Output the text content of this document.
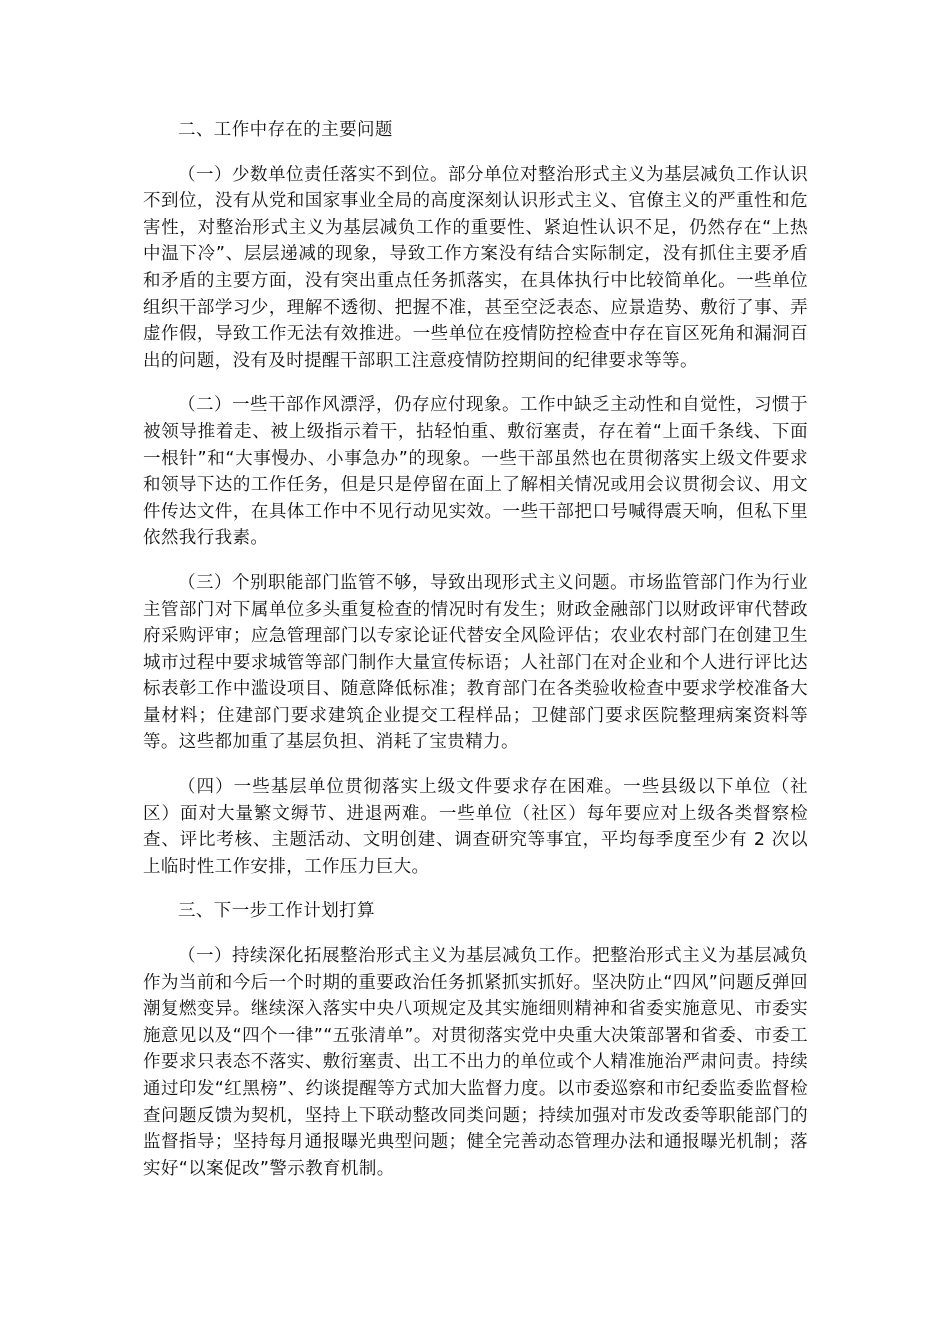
二、工作中存在的主要问题

（一）少数单位责任落实不到位。部分单位对整治形式主义为基层减负工作认识不到位，没有从党和国家事业全局的高度深刻认识形式主义、官僚主义的严重性和危害性，对整治形式主义为基层减负工作的重要性、紧迫性认识不足，仍然存在“上热中温下冷”、层层递减的现象，导致工作方案没有结合实际制定，没有抓住主要矛盾和矛盾的主要方面，没有突出重点任务抓落实，在具体执行中比较简单化。一些单位组织干部学习少，理解不透彻、把握不准，甚至空泛表态、应景造势、敷衍了事、弄虚作假，导致工作无法有效推进。一些单位在疫情防控检查中存在盲区死角和漏洞百出的问题，没有及时提醒干部职工注意疫情防控期间的纪律要求等等。

（二）一些干部作风漂浮，仍存应付现象。工作中缺乏主动性和自觉性，习惯于被领导推着走、被上级指示着干，拈轻怕重、敷衍塞责，存在着“上面千条线、下面一根针”和“大事慢办、小事急办”的现象。一些干部虽然也在贯彻落实上级文件要求和领导下达的工作任务，但是只是停留在面上了解相关情况或用会议贯彻会议、用文件传达文件，在具体工作中不见行动见实效。一些干部把口号喊得震天响，但私下里依然我行我素。

（三）个别职能部门监管不够，导致出现形式主义问题。市场监管部门作为行业主管部门对下属单位多头重复检查的情况时有发生；财政金融部门以财政评审代替政府采购评审；应急管理部门以专家论证代替安全风险评估；农业农村部门在创建卫生城市过程中要求城管等部门制作大量宣传标语；人社部门在对企业和个人进行评比达标表彰工作中滥设项目、随意降低标准；教育部门在各类验收检查中要求学校准备大量材料；住建部门要求建筑企业提交工程样品；卫健部门要求医院整理病案资料等等。这些都加重了基层负担、消耗了宝贵精力。

（四）一些基层单位贯彻落实上级文件要求存在困难。一些县级以下单位（社区）面对大量繁文缛节、进退两难。一些单位（社区）每年要应对上级各类督察检查、评比考核、主题活动、文明创建、调查研究等事宜，平均每季度至少有 2 次以上临时性工作安排，工作压力巨大。

三、下一步工作计划打算

（一）持续深化拓展整治形式主义为基层减负工作。把整治形式主义为基层减负作为当前和今后一个时期的重要政治任务抓紧抓实抓好。坚决防止“四风”问题反弹回潮复燃变异。继续深入落实中央八项规定及其实施细则精神和省委实施意见、市委实施意见以及“四个一律”“五张清单”。对贯彻落实党中央重大决策部署和省委、市委工作要求只表态不落实、敷衍塞责、出工不出力的单位或个人精准施治严肃问责。持续通过印发“红黑榜”、约谈提醒等方式加大监督力度。以市委巡察和市纪委监委监督检查问题反馈为契机，坚持上下联动整改同类问题；持续加强对市发改委等职能部门的监督指导；坚持每月通报曝光典型问题；健全完善动态管理办法和通报曝光机制；落实好“以案促改”警示教育机制。
